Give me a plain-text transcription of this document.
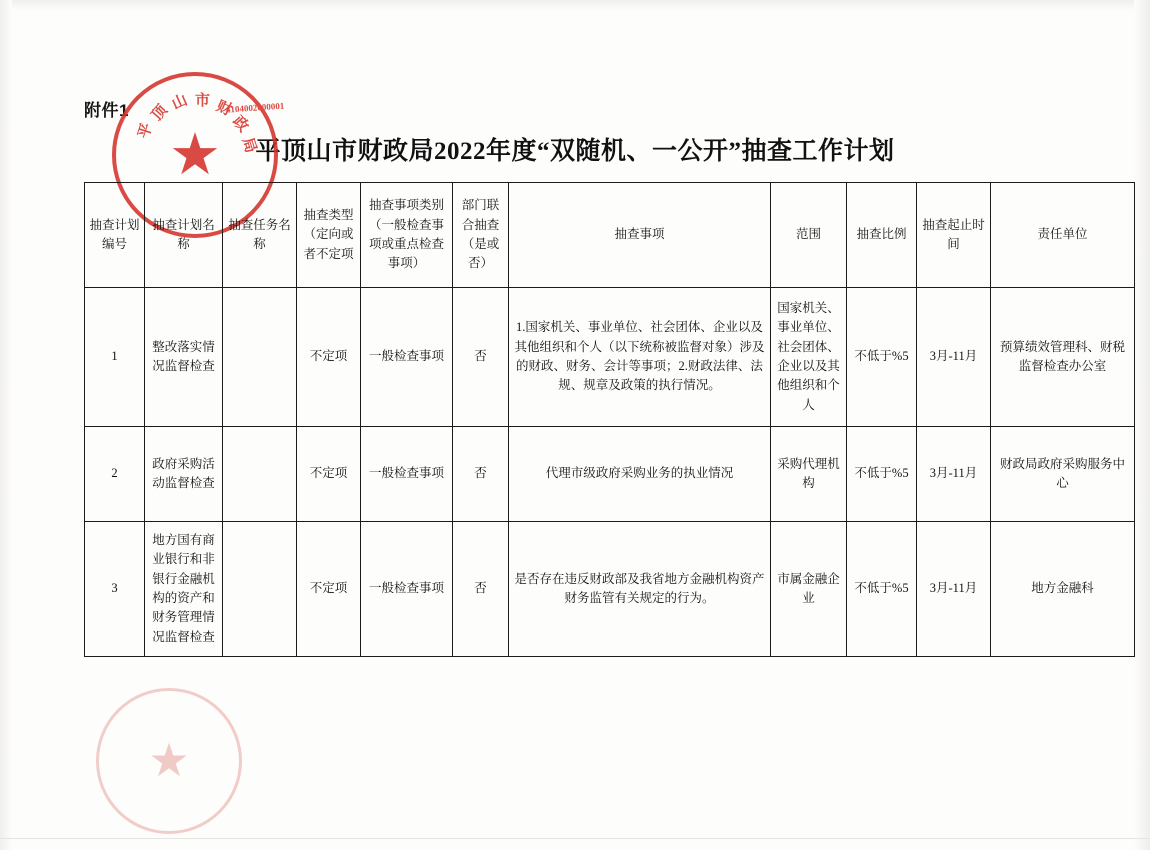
附件1
平顶山市财政局2022年度“双随机、一公开”抽查工作计划
平
顶
山 市 财
政
局
4104002000001
★
★
抽查计划编号	抽查计划名称	抽查任务名称	抽查类型（定向或者不定项	抽查事项类别（一般检查事项或重点检查事项）	部门联合抽查（是或否）	抽查事项	范围	抽查比例	抽查起止时间	责任单位
1	整改落实情况监督检查		不定项	一般检查事项	否	1.国家机关、事业单位、社会团体、企业以及其他组织和个人（以下统称被监督对象）涉及的财政、财务、会计等事项；2.财政法律、法规、规章及政策的执行情况。	国家机关、事业单位、社会团体、企业以及其他组织和个人	不低于%5	3月-11月	预算绩效管理科、财税监督检查办公室
2	政府采购活动监督检查		不定项	一般检查事项	否	代理市级政府采购业务的执业情况	采购代理机构	不低于%5	3月-11月	财政局政府采购服务中心
3	地方国有商业银行和非银行金融机构的资产和财务管理情况监督检查		不定项	一般检查事项	否	是否存在违反财政部及我省地方金融机构资产财务监管有关规定的行为。	市属金融企业	不低于%5	3月-11月	地方金融科
